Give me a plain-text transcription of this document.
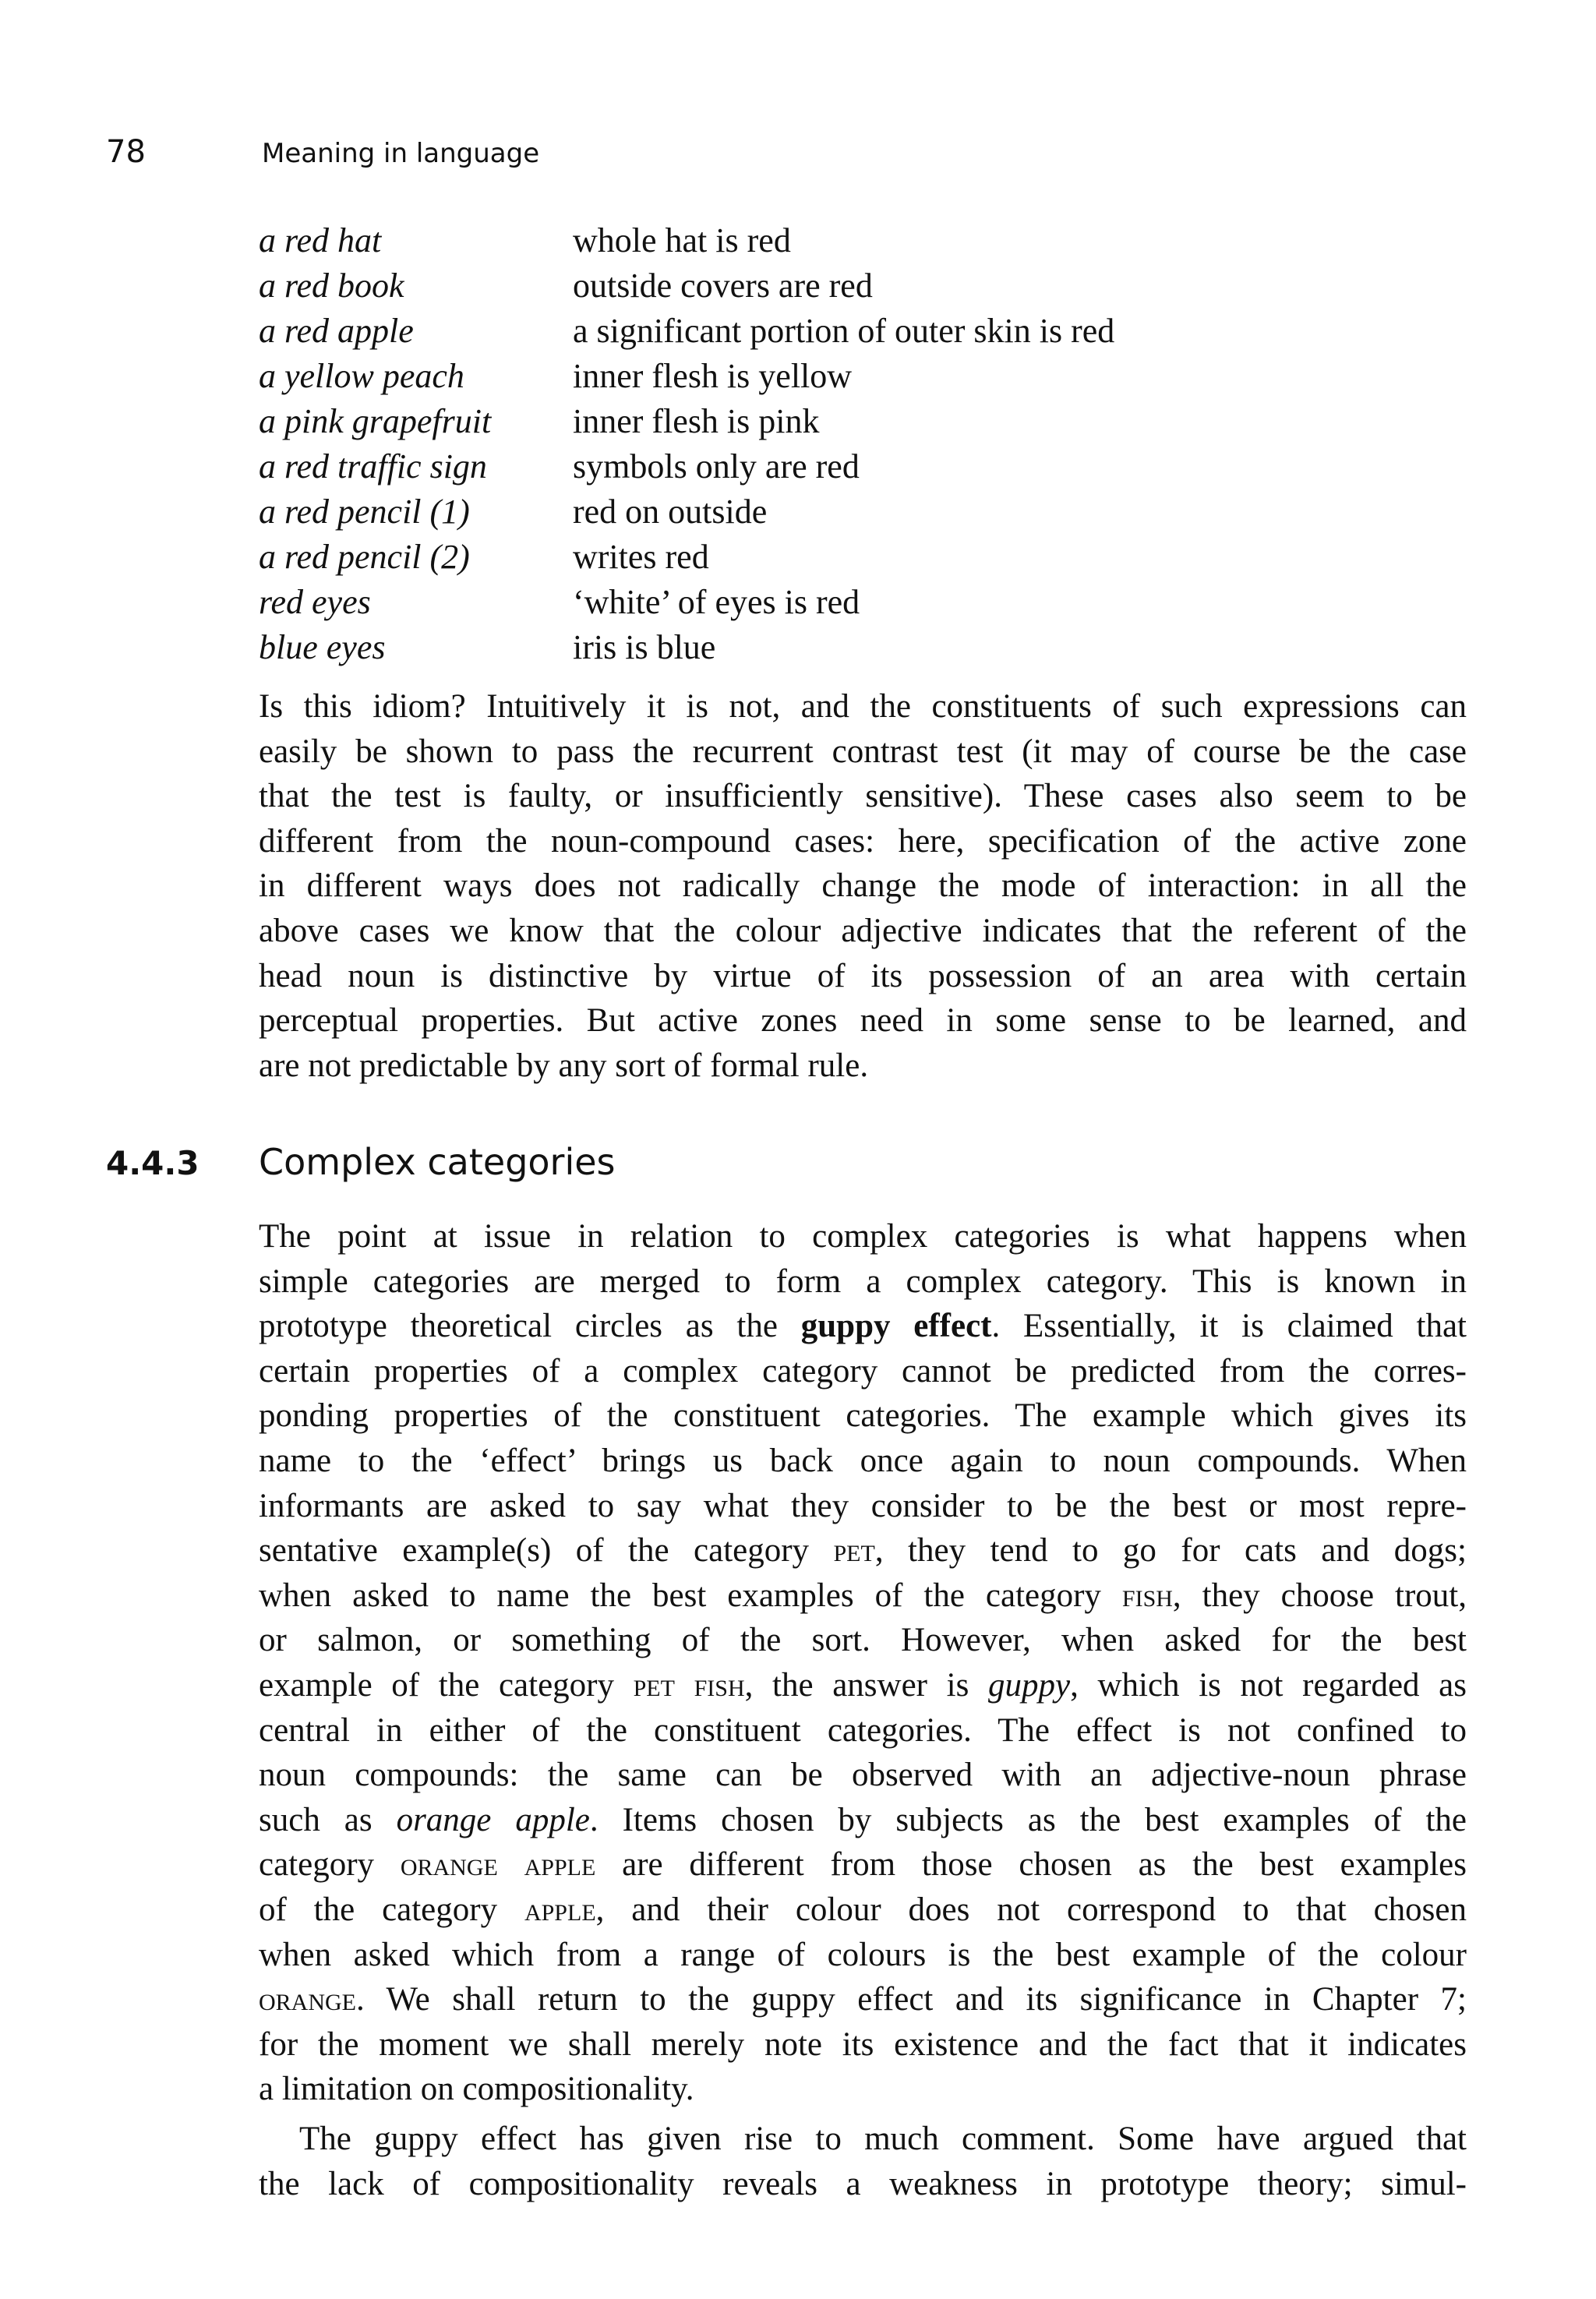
78	Meaning in language
a red hat	whole hat is red
a red book	outside covers are red
a red apple	a significant portion of outer skin is red
a yellow peach	inner flesh is yellow
a pink grapefruit	inner flesh is pink
a red traffic sign	symbols only are red
a red pencil (1)	red on outside
a red pencil (2)	writes red
red eyes	‘white’ of eyes is red
blue eyes	iris is blue

Is this idiom? Intuitively it is not, and the constituents of such expressions can
easily be shown to pass the recurrent contrast test (it may of course be the case
that the test is faulty, or insufficiently sensitive). These cases also seem to be
different from the noun-compound cases: here, specification of the active zone
in different ways does not radically change the mode of interaction: in all the
above cases we know that the colour adjective indicates that the referent of the
head noun is distinctive by virtue of its possession of an area with certain
perceptual properties. But active zones need in some sense to be learned, and
are not predictable by any sort of formal rule.

4.4.3	Complex categories

The point at issue in relation to complex categories is what happens when
simple categories are merged to form a complex category. This is known in
prototype theoretical circles as the guppy effect. Essentially, it is claimed that
certain properties of a complex category cannot be predicted from the corres-
ponding properties of the constituent categories. The example which gives its
name to the ‘effect’ brings us back once again to noun compounds. When
informants are asked to say what they consider to be the best or most repre-
sentative example(s) of the category pet, they tend to go for cats and dogs;
when asked to name the best examples of the category fish, they choose trout,
or salmon, or something of the sort. However, when asked for the best
example of the category pet fish, the answer is guppy, which is not regarded as
central in either of the constituent categories. The effect is not confined to
noun compounds: the same can be observed with an adjective-noun phrase
such as orange apple. Items chosen by subjects as the best examples of the
category orange apple are different from those chosen as the best examples
of the category apple, and their colour does not correspond to that chosen
when asked which from a range of colours is the best example of the colour
orange. We shall return to the guppy effect and its significance in Chapter 7;
for the moment we shall merely note its existence and the fact that it indicates
a limitation on compositionality.

The guppy effect has given rise to much comment. Some have argued that
the lack of compositionality reveals a weakness in prototype theory; simul-
